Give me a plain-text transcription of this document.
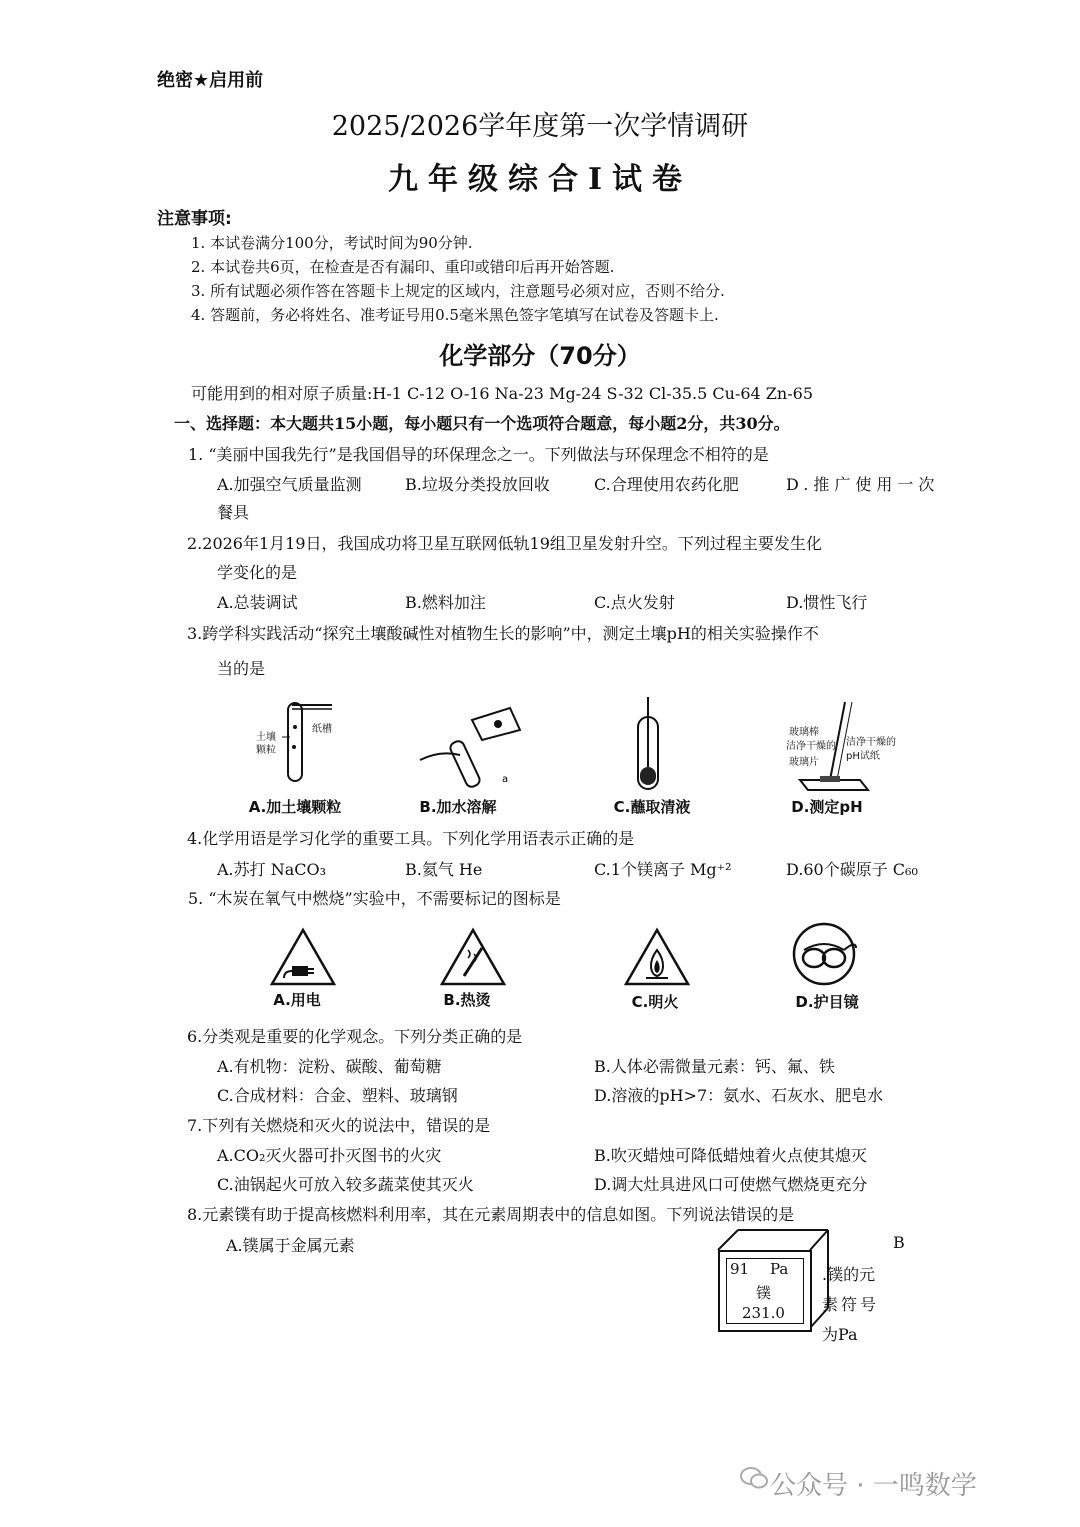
绝密★启用前
2025/2026学年度第一次学情调研
九年级综合I试卷
注意事项:
1. 本试卷满分100分，考试时间为90分钟.
2. 本试卷共6页，在检查是否有漏印、重印或错印后再开始答题.
3. 所有试题必须作答在答题卡上规定的区域内，注意题号必须对应，否则不给分.
4. 答题前，务必将姓名、准考证号用0.5毫米黑色签字笔填写在试卷及答题卡上.
化学部分（70分）
可能用到的相对原子质量:H-1 C-12 O-16 Na-23 Mg-24 S-32 Cl-35.5 Cu-64 Zn-65
一、选择题：本大题共15小题，每小题只有一个选项符合题意，每小题2分，共30分。
1. “美丽中国我先行”是我国倡导的环保理念之一。下列做法与环保理念不相符的是
A.加强空气质量监测	B.垃圾分类投放回收	C.合理使用农药化肥	D.推广使用一次
餐具
2.2026年1月19日，我国成功将卫星互联网低轨19组卫星发射升空。下列过程主要发生化
学变化的是
A.总装调试	B.燃料加注	C.点火发射	D.惯性飞行
3.跨学科实践活动“探究土壤酸碱性对植物生长的影响”中，测定土壤pH的相关实验操作不
当的是
土壤
颗粒
纸槽
a
玻璃棒
洁净干燥的
玻璃片
洁净干燥的
pH试纸
A.加土壤颗粒	B.加水溶解	C.蘸取清液	D.测定pH
4.化学用语是学习化学的重要工具。下列化学用语表示正确的是
A.苏打 NaCO₃	B.氦气 He	C.1个镁离子 Mg⁺²	D.60个碳原子 C₆₀
5. “木炭在氧气中燃烧”实验中，不需要标记的图标是
A.用电	B.热烫	C.明火	D.护目镜
6.分类观是重要的化学观念。下列分类正确的是
A.有机物：淀粉、碳酸、葡萄糖	B.人体必需微量元素：钙、氟、铁
C.合成材料：合金、塑料、玻璃钢	D.溶液的pH>7：氨水、石灰水、肥皂水
7.下列有关燃烧和灭火的说法中，错误的是
A.CO₂灭火器可扑灭图书的火灾	B.吹灭蜡烛可降低蜡烛着火点使其熄灭
C.油锅起火可放入较多蔬菜使其灭火	D.调大灶具进风口可使燃气燃烧更充分
8.元素镤有助于提高核燃料利用率，其在元素周期表中的信息如图。下列说法错误的是
A.镤属于金属元素	B
91 Pa
镤
231.0
.镤的元
素符号
为Pa
公众号 · 一鸣数学
